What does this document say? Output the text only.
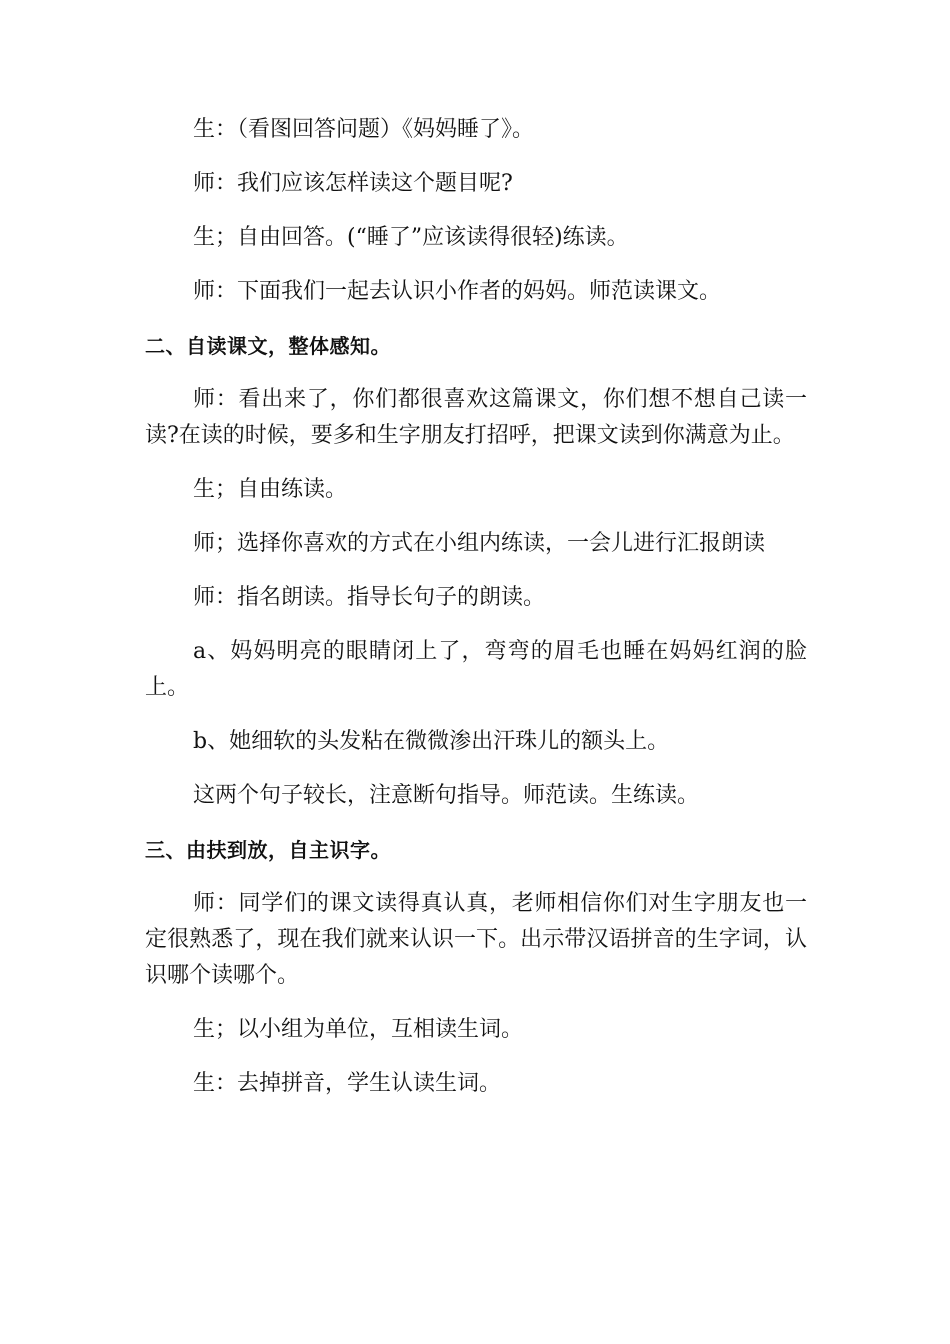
生：（看图回答问题）《妈妈睡了》。

师：我们应该怎样读这个题目呢?

生；自由回答。(“睡了”应该读得很轻)练读。

师：下面我们一起去认识小作者的妈妈。师范读课文。

二、自读课文，整体感知。

师：看出来了，你们都很喜欢这篇课文，你们想不想自己读一读?在读的时候，要多和生字朋友打招呼，把课文读到你满意为止。

生；自由练读。

师；选择你喜欢的方式在小组内练读，一会儿进行汇报朗读

师：指名朗读。指导长句子的朗读。

a、妈妈明亮的眼睛闭上了，弯弯的眉毛也睡在妈妈红润的脸上。

b、她细软的头发粘在微微渗出汗珠儿的额头上。

这两个句子较长，注意断句指导。师范读。生练读。

三、由扶到放，自主识字。

师：同学们的课文读得真认真，老师相信你们对生字朋友也一定很熟悉了，现在我们就来认识一下。出示带汉语拼音的生字词，认识哪个读哪个。

生；以小组为单位，互相读生词。

生：去掉拼音，学生认读生词。
